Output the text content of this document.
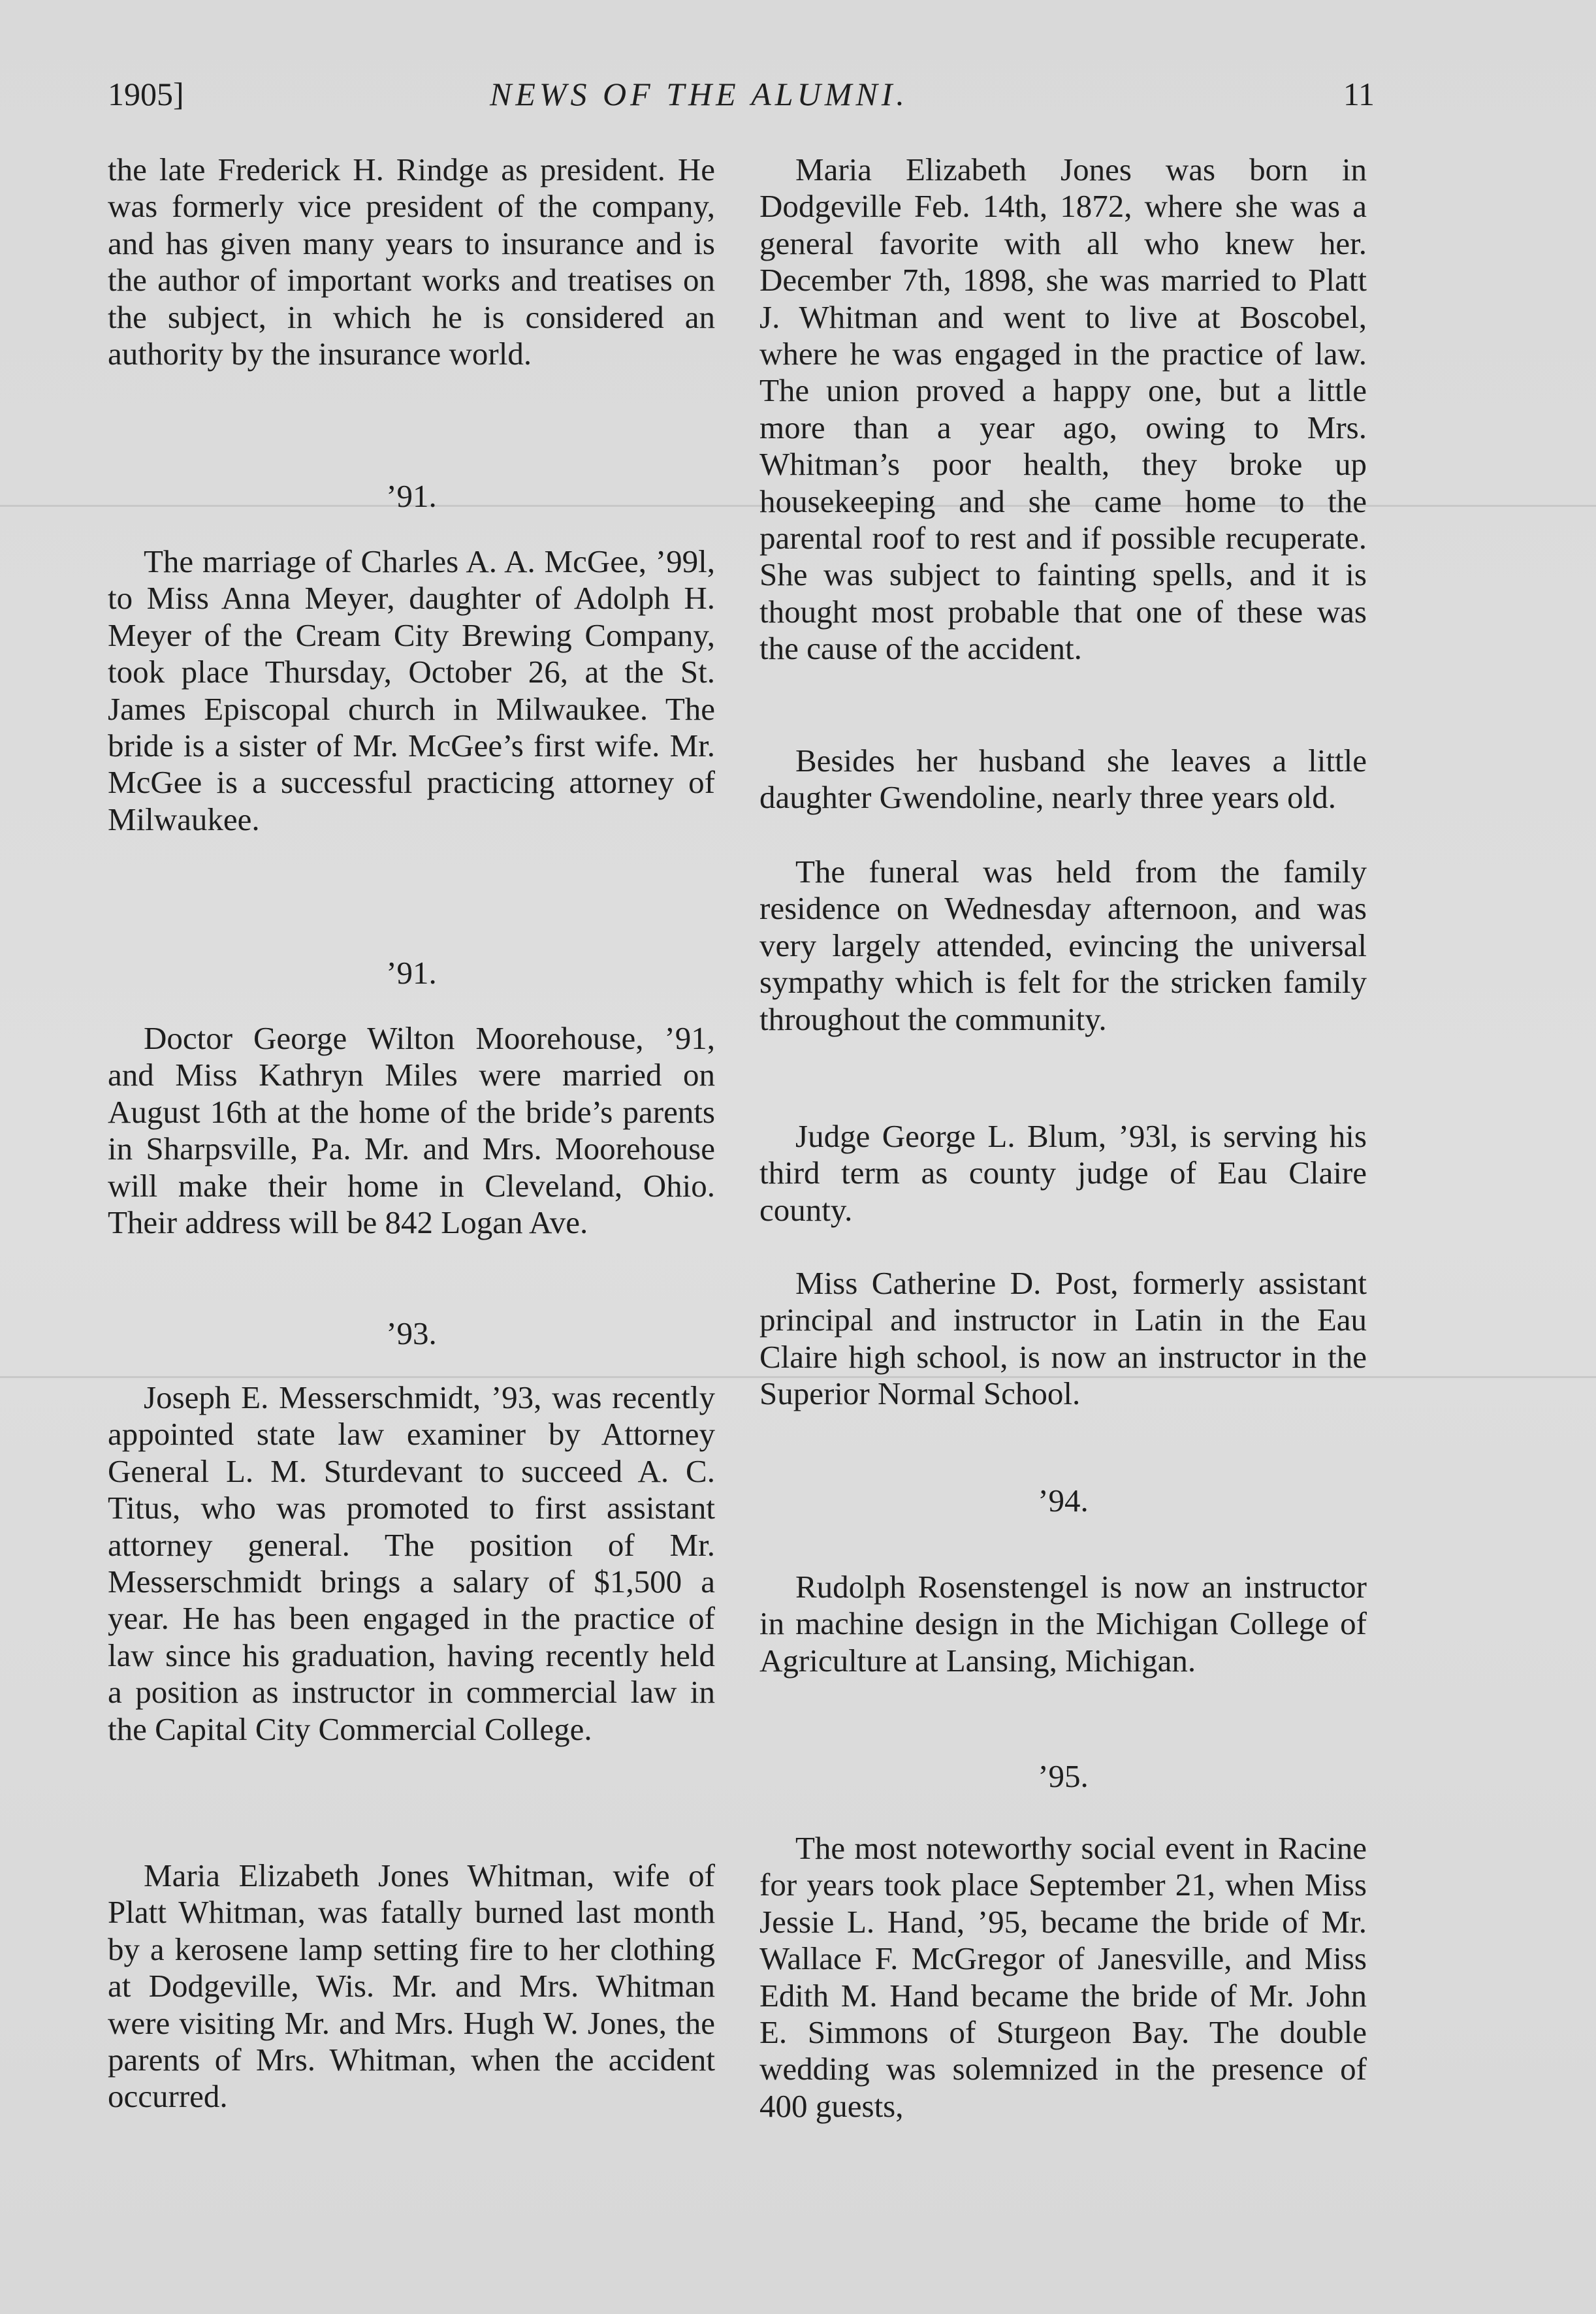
1905]	NEWS OF THE ALUMNI.	11

the late Frederick H. Rindge as president. He was formerly vice president of the company, and has given many years to insurance and is the author of important works and treatises on the subject, in which he is considered an authority by the insurance world.

’91.

The marriage of Charles A. A. McGee, ’99l, to Miss Anna Meyer, daughter of Adolph H. Meyer of the Cream City Brewing Company, took place Thursday, October 26, at the St. James Episcopal church in Milwaukee. The bride is a sister of Mr. McGee’s first wife. Mr. McGee is a successful practicing attorney of Milwaukee.

’91.

Doctor George Wilton Moorehouse, ’91, and Miss Kathryn Miles were married on August 16th at the home of the bride’s parents in Sharpsville, Pa. Mr. and Mrs. Moorehouse will make their home in Cleveland, Ohio. Their address will be 842 Logan Ave.

’93.

Joseph E. Messerschmidt, ’93, was recently appointed state law examiner by Attorney General L. M. Sturdevant to succeed A. C. Titus, who was promoted to first assistant attorney general. The position of Mr. Messerschmidt brings a salary of $1,500 a year. He has been engaged in the practice of law since his graduation, having recently held a position as instructor in commercial law in the Capital City Commercial College.

Maria Elizabeth Jones Whitman, wife of Platt Whitman, was fatally burned last month by a kerosene lamp setting fire to her clothing at Dodgeville, Wis. Mr. and Mrs. Whitman were visiting Mr. and Mrs. Hugh W. Jones, the parents of Mrs. Whitman, when the accident occurred.

Maria Elizabeth Jones was born in Dodgeville Feb. 14th, 1872, where she was a general favorite with all who knew her. December 7th, 1898, she was married to Platt J. Whitman and went to live at Boscobel, where he was engaged in the practice of law. The union proved a happy one, but a little more than a year ago, owing to Mrs. Whitman’s poor health, they broke up housekeeping and she came home to the parental roof to rest and if possible recuperate. She was subject to fainting spells, and it is thought most probable that one of these was the cause of the accident.

Besides her husband she leaves a little daughter Gwendoline, nearly three years old.

The funeral was held from the family residence on Wednesday afternoon, and was very largely attended, evincing the universal sympathy which is felt for the stricken family throughout the community.

Judge George L. Blum, ’93l, is serving his third term as county judge of Eau Claire county.

Miss Catherine D. Post, formerly assistant principal and instructor in Latin in the Eau Claire high school, is now an instructor in the Superior Normal School.

’94.

Rudolph Rosenstengel is now an instructor in machine design in the Michigan College of Agriculture at Lansing, Michigan.

’95.

The most noteworthy social event in Racine for years took place September 21, when Miss Jessie L. Hand, ’95, became the bride of Mr. Wallace F. McGregor of Janesville, and Miss Edith M. Hand became the bride of Mr. John E. Simmons of Sturgeon Bay. The double wedding was solemnized in the presence of 400 guests,
